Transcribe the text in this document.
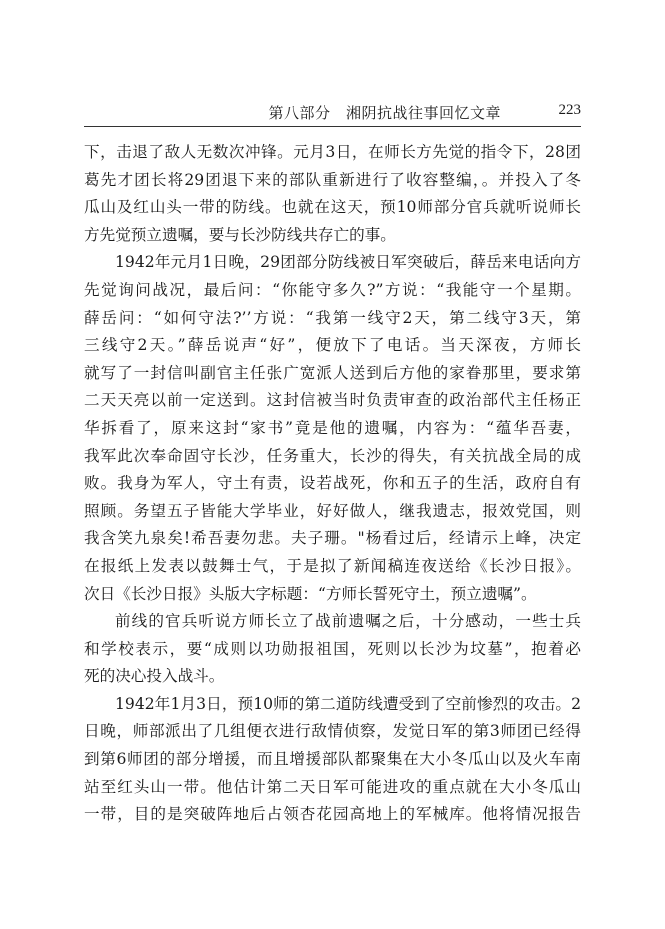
第八部分　湘阴抗战往事回忆文章	223
下，击退了敌人无数次冲锋。元月3日，在师长方先觉的指令下，28团
葛先才团长将29团退下来的部队重新进行了收容整编，。并投入了冬
瓜山及红山头一带的防线。也就在这天，预10师部分官兵就听说师长
方先觉预立遗嘱，要与长沙防线共存亡的事。
1942年元月1日晚，29团部分防线被日军突破后，薛岳来电话向方
先觉询问战况，最后问：“你能守多久?”方说：“我能守一个星期。
薛岳问：“如何守法?’’方说：“我第一线守2天，第二线守3天，第
三线守2天。”薛岳说声“好”，便放下了电话。当天深夜，方师长
就写了一封信叫副官主任张广宽派人送到后方他的家眷那里，要求第
二天天亮以前一定送到。这封信被当时负责审查的政治部代主任杨正
华拆看了，原来这封“家书”竟是他的遗嘱，内容为：“蕴华吾妻，
我军此次奉命固守长沙，任务重大，长沙的得失，有关抗战全局的成
败。我身为军人，守土有责，设若战死，你和五子的生活，政府自有
照顾。务望五子皆能大学毕业，好好做人，继我遗志，报效党国，则
我含笑九泉矣!希吾妻勿悲。夫子珊。"杨看过后，经请示上峰，决定
在报纸上发表以鼓舞士气，于是拟了新闻稿连夜送给《长沙日报》。
次日《长沙日报》头版大字标题：“方师长誓死守土，预立遗嘱”。
前线的官兵听说方师长立了战前遗嘱之后，十分感动，一些士兵
和学校表示，要“成则以功勋报祖国，死则以长沙为坟墓”，抱着必
死的决心投入战斗。
1942年1月3日，预10师的第二道防线遭受到了空前惨烈的攻击。2
日晚，师部派出了几组便衣进行敌情侦察，发觉日军的第3师团已经得
到第6师团的部分增援，而且增援部队都聚集在大小冬瓜山以及火车南
站至红头山一带。他估计第二天日军可能进攻的重点就在大小冬瓜山
一带，目的是突破阵地后占领杏花园高地上的军械库。他将情况报告
